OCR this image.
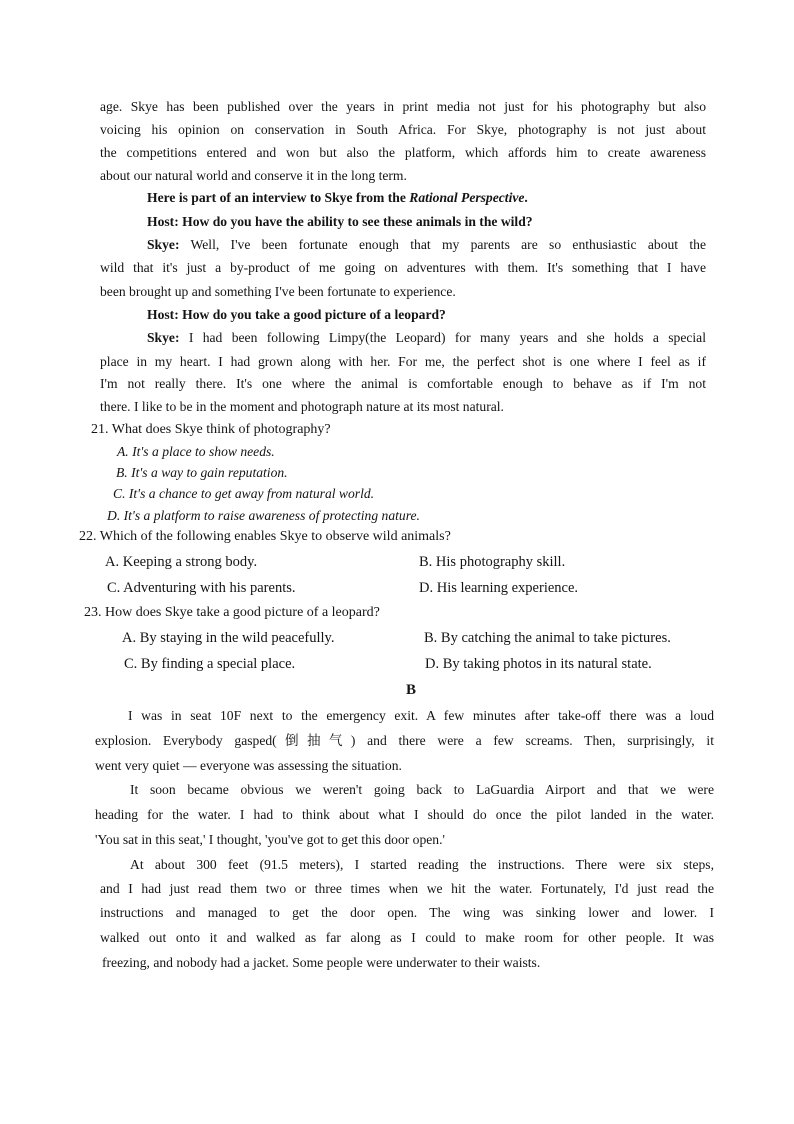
age. Skye has been published over the years in print media not just for his photography but also
voicing his opinion on conservation in South Africa. For Skye, photography is not just about
the competitions entered and won but also the platform, which affords him to create awareness
about our natural world and conserve it in the long term.
Here is part of an interview to Skye from the Rational Perspective.
Host: How do you have the ability to see these animals in the wild?
Skye: Well, I've been fortunate enough that my parents are so enthusiastic about the
wild that it's just a by-product of me going on adventures with them. It's something that I have
been brought up and something I've been fortunate to experience.
Host: How do you take a good picture of a leopard?
Skye: I had been following Limpy(the Leopard) for many years and she holds a special
place in my heart. I had grown along with her. For me, the perfect shot is one where I feel as if
I'm not really there. It's one where the animal is comfortable enough to behave as if I'm not
there. I like to be in the moment and photograph nature at its most natural.
21. What does Skye think of photography?
A. It's a place to show needs.
B. It's a way to gain reputation.
C. It's a chance to get away from natural world.
D. It's a platform to raise awareness of protecting nature.
22. Which of the following enables Skye to observe wild animals?
A. Keeping a strong body.	B. His photography skill.
C. Adventuring with his parents.	D. His learning experience.
23. How does Skye take a good picture of a leopard?
A. By staying in the wild peacefully.	B. By catching the animal to take pictures.
C. By finding a special place.	D. By taking photos in its natural state.
B
I was in seat 10F next to the emergency exit. A few minutes after take-off there was a loud
explosion. Everybody gasped(倒抽气) and there were a few screams. Then, surprisingly, it
went very quiet — everyone was assessing the situation.
It soon became obvious we weren't going back to LaGuardia Airport and that we were
heading for the water. I had to think about what I should do once the pilot landed in the water.
'You sat in this seat,' I thought, 'you've got to get this door open.'
At about 300 feet (91.5 meters), I started reading the instructions. There were six steps,
and I had just read them two or three times when we hit the water. Fortunately, I'd just read the
instructions and managed to get the door open. The wing was sinking lower and lower. I
walked out onto it and walked as far along as I could to make room for other people. It was
freezing, and nobody had a jacket. Some people were underwater to their waists.
